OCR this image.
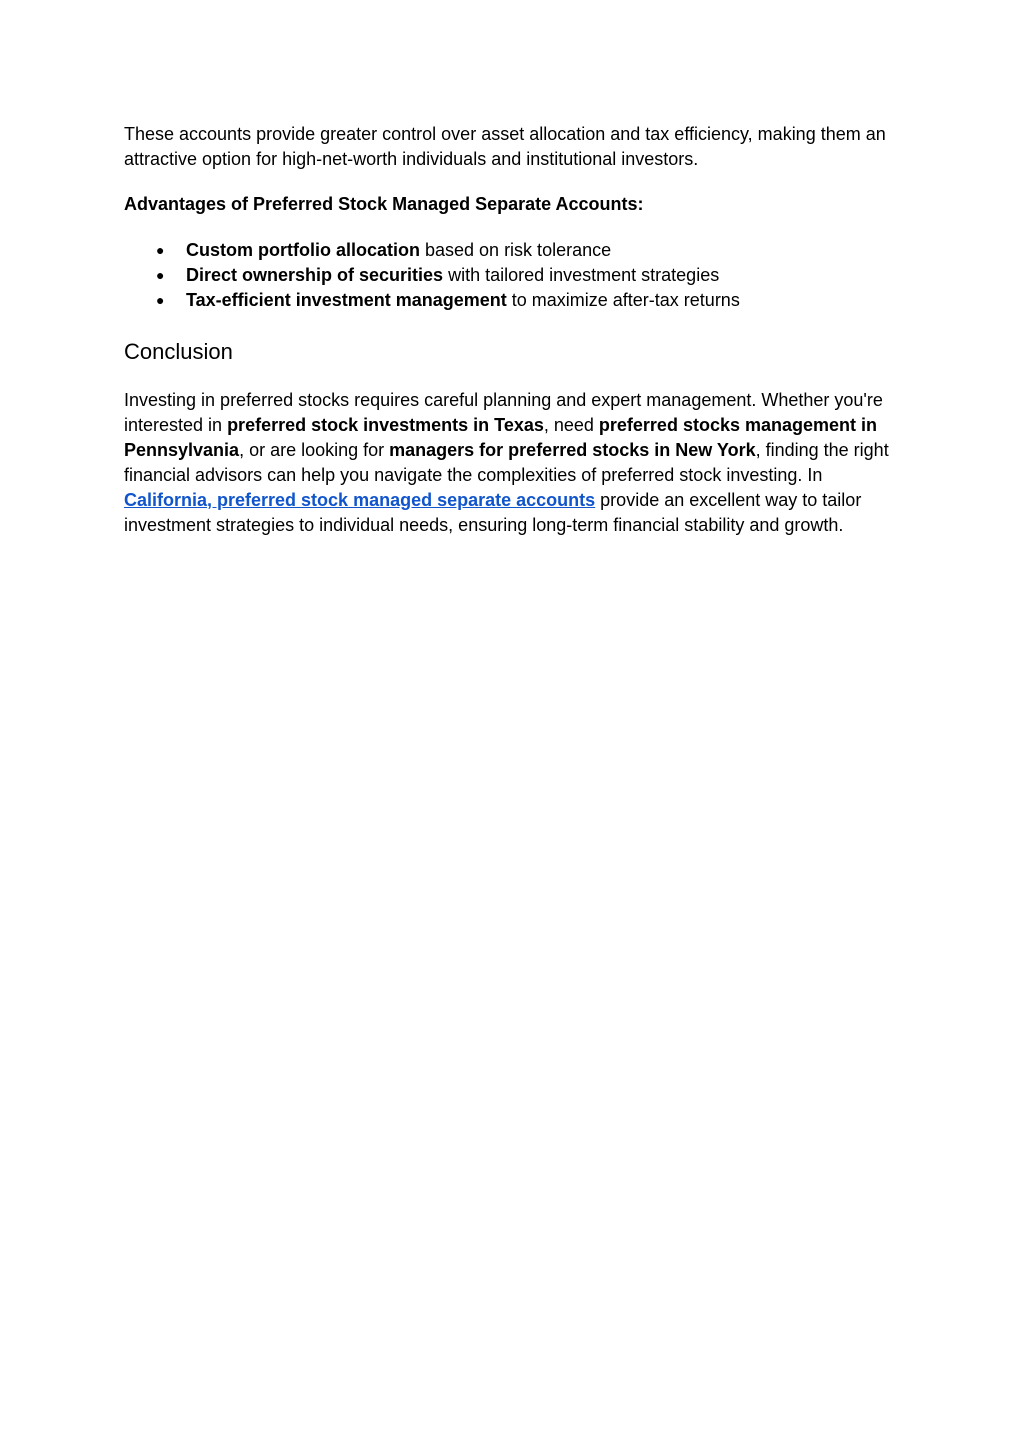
These accounts provide greater control over asset allocation and tax efficiency, making them an attractive option for high-net-worth individuals and institutional investors.

Advantages of Preferred Stock Managed Separate Accounts:

● Custom portfolio allocation based on risk tolerance
● Direct ownership of securities with tailored investment strategies
● Tax-efficient investment management to maximize after-tax returns
Conclusion

Investing in preferred stocks requires careful planning and expert management. Whether you're interested in preferred stock investments in Texas, need preferred stocks management in Pennsylvania, or are looking for managers for preferred stocks in New York, finding the right financial advisors can help you navigate the complexities of preferred stock investing. In California, preferred stock managed separate accounts provide an excellent way to tailor investment strategies to individual needs, ensuring long-term financial stability and growth.
